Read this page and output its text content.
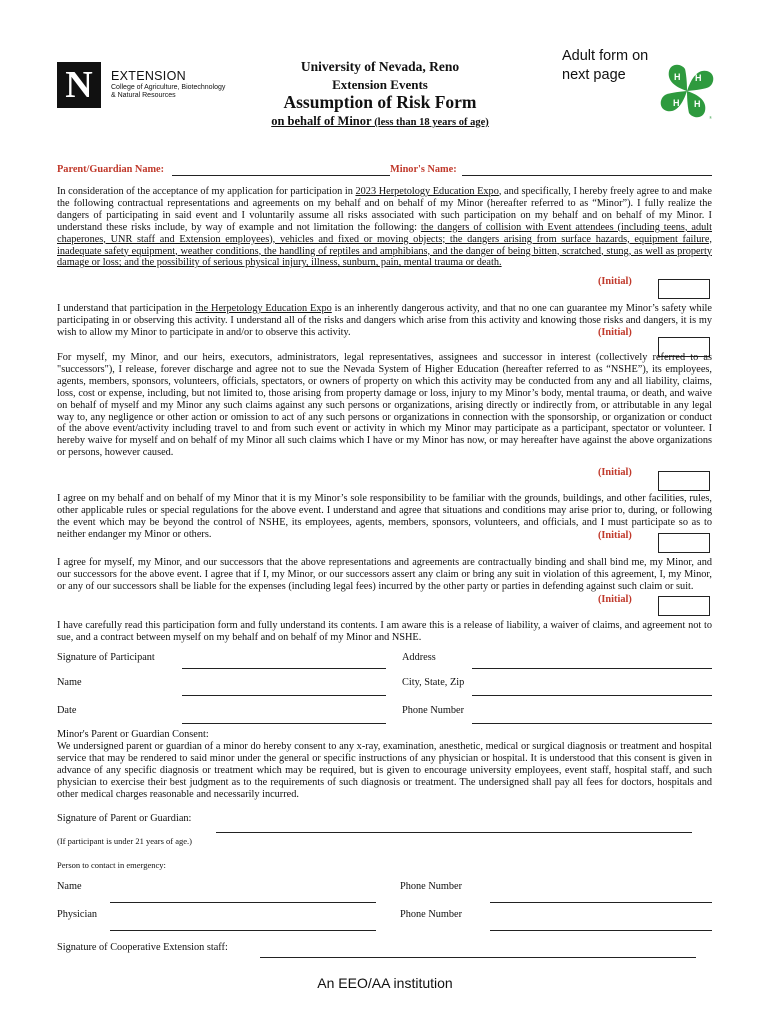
N EXTENSION
College of Agriculture, Biotechnology & Natural Resources
University of Nevada, Reno
Extension Events
Assumption of Risk Form
on behalf of Minor (less than 18 years of age)
Adult form on next page	H H
H
H
®
Parent/Guardian Name:	Minor's Name:
In consideration of the acceptance of my application for participation in 2023 Herpetology Education Expo, and specifically, I hereby freely agree to and make the following contractual representations and agreements on my behalf and on behalf of my Minor (hereafter referred to as “Minor”). I fully realize the dangers of participating in said event and I voluntarily assume all risks associated with such participation on my behalf and on behalf of my Minor. I understand these risks include, by way of example and not limitation the following: the dangers of collision with Event attendees (including teens, adult chaperones, UNR staff and Extension employees), vehicles and fixed or moving objects; the dangers arising from surface hazards, equipment failure, inadequate safety equipment, weather conditions, the handling of reptiles and amphibians, and the danger of being bitten, scratched, stung, as well as property damage or loss; and the possibility of serious physical injury, illness, sunburn, pain, mental trauma or death.
(Initial)
I understand that participation in the Herpetology Education Expo is an inherently dangerous activity, and that no one can guarantee my Minor’s safety while participating in or observing this activity. I understand all of the risks and dangers which arise from this activity and knowing those risks and dangers, it is my wish to allow my Minor to participate in and/or to observe this activity.	(Initial)
For myself, my Minor, and our heirs, executors, administrators, legal representatives, assignees and successor in interest (collectively referred to as "successors"), I release, forever discharge and agree not to sue the Nevada System of Higher Education (hereafter referred to as “NSHE”), its employees, agents, members, sponsors, volunteers, officials, spectators, or owners of property on which this activity may be conducted from any and all liability, claims, loss, cost or expense, including, but not limited to, those arising from property damage or loss, injury to my Minor’s body, mental trauma, or death, and waive on behalf of myself and my Minor any such claims against any such persons or organizations, arising directly or indirectly from, or attributable in any legal way to, any negligence or other action or omission to act of any such persons or organizations in connection with the sponsorship, or organization or conduct of the above event/activity including travel to and from such event or activity in which my Minor may participate as a participant, spectator or volunteer. I hereby waive for myself and on behalf of my Minor all such claims which I have or my Minor has now, or may hereafter have against the above organizations or persons, however caused.
(Initial)
I agree on my behalf and on behalf of my Minor that it is my Minor’s sole responsibility to be familiar with the grounds, buildings, and other facilities, rules, other applicable rules or special regulations for the above event. I understand and agree that situations and conditions may arise prior to, during, or following the event which may be beyond the control of NSHE, its employees, agents, members, sponsors, volunteers, and officials, and I must participate so as to neither endanger my Minor or others.	(Initial)
I agree for myself, my Minor, and our successors that the above representations and agreements are contractually binding and shall bind me, my Minor, and our successors for the above event. I agree that if I, my Minor, or our successors assert any claim or bring any suit in violation of this agreement, I, my Minor, or any of our successors shall be liable for the expenses (including legal fees) incurred by the other party or parties in defending against such claim or suit.
(Initial)
I have carefully read this participation form and fully understand its contents. I am aware this is a release of liability, a waiver of claims, and agreement not to sue, and a contract between myself on my behalf and on behalf of my Minor and NSHE.
Signature of Participant	Address
Name	City, State, Zip
Date	Phone Number
Minor's Parent or Guardian Consent:
We undersigned parent or guardian of a minor do hereby consent to any x-ray, examination, anesthetic, medical or surgical diagnosis or treatment and hospital service that may be rendered to said minor under the general or specific instructions of any physician or hospital. It is understood that this consent is given in advance of any specific diagnosis or treatment which may be required, but is given to encourage university employees, event staff, hospital staff, and such physician to exercise their best judgment as to the requirements of such diagnosis or treatment. The undersigned shall pay all fees for doctors, hospitals and other medical charges reasonable and necessarily incurred.
Signature of Parent or Guardian:
(If participant is under 21 years of age.)
Person to contact in emergency:
Name	Phone Number
Physician	Phone Number
Signature of Cooperative Extension staff:
An EEO/AA institution
